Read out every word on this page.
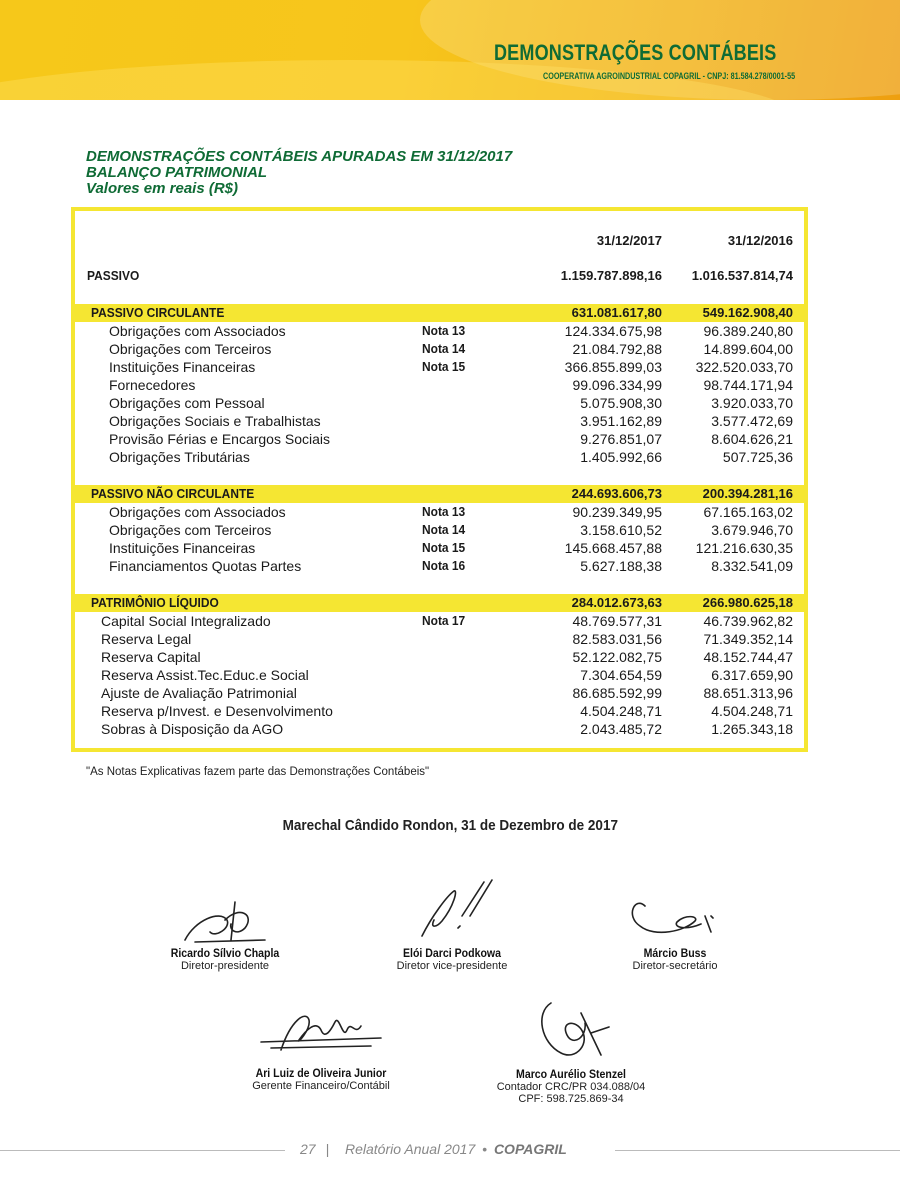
DEMONSTRAÇÕES CONTÁBEIS
COOPERATIVA AGROINDUSTRIAL COPAGRIL - CNPJ: 81.584.278/0001-55
DEMONSTRAÇÕES CONTÁBEIS APURADAS EM 31/12/2017
BALANÇO PATRIMONIAL
Valores em reais (R$)
31/12/2017	31/12/2016
PASSIVO	1.159.787.898,16 1.016.537.814,74
PASSIVO CIRCULANTE	631.081.617,80	549.162.908,40
Obrigações com Associados	Nota 13	124.334.675,98	96.389.240,80
Obrigações com Terceiros	Nota 14	21.084.792,88	14.899.604,00
Instituições Financeiras	Nota 15	366.855.899,03 322.520.033,70
Fornecedores	99.096.334,99	98.744.171,94
Obrigações com Pessoal	5.075.908,30	3.920.033,70
Obrigações Sociais e Trabalhistas	3.951.162,89	3.577.472,69
Provisão Férias e Encargos Sociais	9.276.851,07	8.604.626,21
Obrigações Tributárias	1.405.992,66	507.725,36
PASSIVO NÃO CIRCULANTE	244.693.606,73	200.394.281,16
Obrigações com Associados	Nota 13	90.239.349,95	67.165.163,02
Obrigações com Terceiros	Nota 14	3.158.610,52	3.679.946,70
Instituições Financeiras	Nota 15	145.668.457,88 121.216.630,35
Financiamentos Quotas Partes	Nota 16	5.627.188,38	8.332.541,09
PATRIMÔNIO LÍQUIDO	284.012.673,63	266.980.625,18
Capital Social Integralizado	Nota 17	48.769.577,31	46.739.962,82
Reserva Legal	82.583.031,56	71.349.352,14
Reserva Capital	52.122.082,75	48.152.744,47
Reserva Assist.Tec.Educ.e Social	7.304.654,59	6.317.659,90
Ajuste de Avaliação Patrimonial	86.685.592,99	88.651.313,96
Reserva p/Invest. e Desenvolvimento	4.504.248,71	4.504.248,71
Sobras à Disposição da AGO	2.043.485,72	1.265.343,18
"As Notas Explicativas fazem parte das Demonstrações Contábeis"
Marechal Cândido Rondon, 31 de Dezembro de 2017
Ricardo Sílvio Chapla
Diretor-presidente
Elói Darci Podkowa
Diretor vice-presidente
Márcio Buss
Diretor-secretário
Ari Luiz de Oliveira Junior
Gerente Financeiro/Contábil
Marco Aurélio Stenzel
Contador CRC/PR 034.088/04
CPF: 598.725.869-34
27 | Relatório Anual 2017 • COPAGRIL
